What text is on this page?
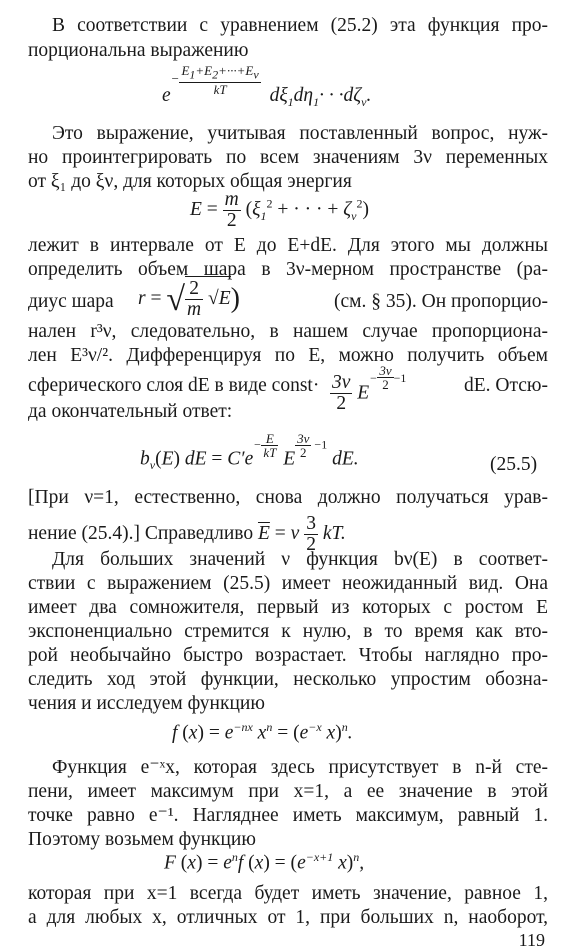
В соответствии с уравнением (25.2) эта функция про-
порциональна выражению
$e- \frac{E_1+E_2+\cdot\cdot\cdot+E_\nu}{kT} d\xi_1d\eta_1\cdot \cdot \cdot d\zeta_\nu$.
Это выражение, учитывая поставленный вопрос, нуж-
но проинтегрировать по всем значениям 3ν переменных
от ξ₁ до ξν, для которых общая энергия
$E = \frac{m}{2} (\xi_1^2$ + · · · + $\zeta_\nu^2$)
лежит в интервале от E до E+dE. Для этого мы должны
определить объем шара в 3ν-мерном пространстве (ра-
диус шара	r = √ $\frac{2}{m} √E$)	(см. § 35). Он пропорцио-
нален r³ν, следовательно, в нашем случае пропорциона-
лен E³ν/². Дифференцируя по E, можно получить объем
сферического слоя dE в виде const· $\frac{3\nu}{2} E- \frac{3\nu}{2} -1$	dE. Отсю-
да окончательный ответ:
$b_\nu(E)$ dE = $C'e- \frac{E}{kT}$ E $\frac{3\nu}{2} -1$ dE.	(25.5)
[При ν=1, естественно, снова должно получаться урав-
нение (25.4).] Справедливо $\overline{E} = \nu \frac{3}{2}$ kT.
Для больших значений ν функция bν(E) в соответ-
ствии с выражением (25.5) имеет неожиданный вид. Она
имеет два сомножителя, первый из которых с ростом E
экспоненциально стремится к нулю, в то время как вто-
рой необычайно быстро возрастает. Чтобы наглядно про-
следить ход этой функции, несколько упростим обозна-
чения и исследуем функцию
f $(x) = e^{-nx}$ $x^n = (e^{-x}$ x)$^n$.
Функция e⁻ˣx, которая здесь присутствует в n-й сте-
пени, имеет максимум при x=1, а ее значение в этой
точке равно e⁻¹. Нагляднее иметь максимум, равный 1.
Поэтому возьмем функцию
F $(x) = e^nf$ $(x) = (e^{-x+1}$ x)$^n$,
которая при x=1 всегда будет иметь значение, равное 1,
а для любых x, отличных от 1, при больших n, наоборот,
119
